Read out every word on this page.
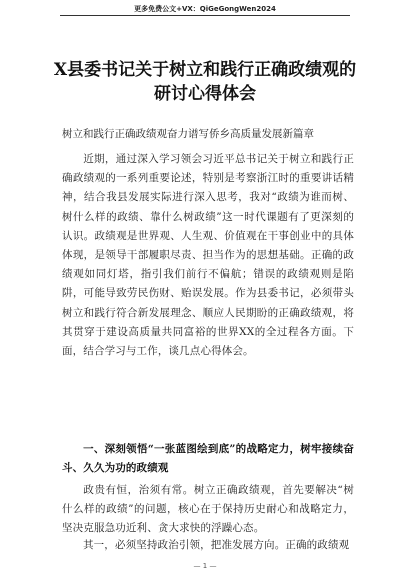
更多免费公文+VX：QiGeGongWen2024
X县委书记关于树立和践行正确政绩观的
研讨心得体会
树立和践行正确政绩观奋力谱写侨乡高质量发展新篇章
近期，通过深入学习领会习近平总书记关于树立和践行正确政绩观的一系列重要论述，特别是考察浙江时的重要讲话精神，结合我县发展实际进行深入思考，我对“政绩为谁而树、树什么样的政绩、靠什么树政绩”这一时代课题有了更深刻的认识。政绩观是世界观、人生观、价值观在干事创业中的具体体现，是领导干部履职尽责、担当作为的思想基础。正确的政绩观如同灯塔，指引我们前行不偏航；错误的政绩观则是陷阱，可能导致劳民伤财、贻误发展。作为县委书记，必须带头树立和践行符合新发展理念、顺应人民期盼的正确政绩观，将其贯穿于建设高质量共同富裕的世界XX的全过程各方面。下面，结合学习与工作，谈几点心得体会。
一、深刻领悟“一张蓝图绘到底”的战略定力，树牢接续奋斗、久久为功的政绩观
政贵有恒，治须有常。树立正确政绩观，首先要解决“树什么样的政绩”的问题，核心在于保持历史耐心和战略定力，坚决克服急功近利、贪大求快的浮躁心态。
其一，必须坚持政治引领，把准发展方向。正确的政绩观
— 1 —
